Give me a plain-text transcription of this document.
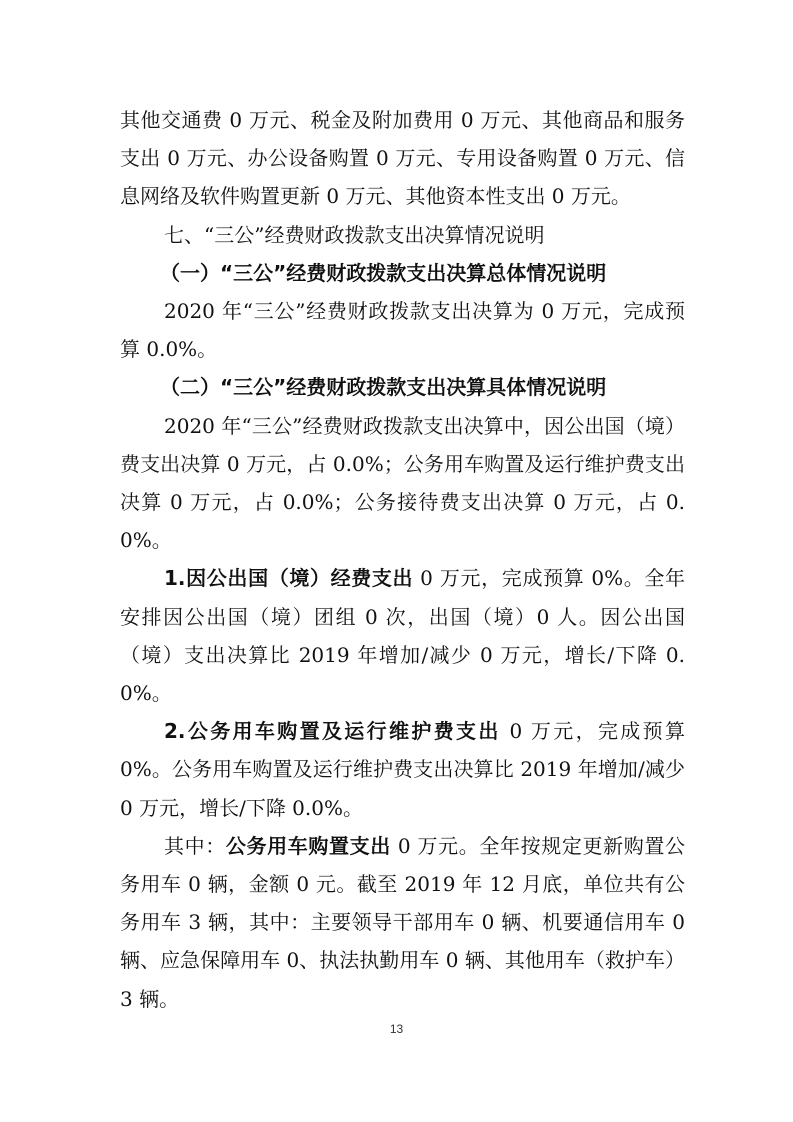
其他交通费 0 万元、税金及附加费用 0 万元、其他商品和服务支出 0 万元、办公设备购置 0 万元、专用设备购置 0 万元、信息网络及软件购置更新 0 万元、其他资本性支出 0 万元。

七、“三公”经费财政拨款支出决算情况说明

（一）“三公”经费财政拨款支出决算总体情况说明

2020 年“三公”经费财政拨款支出决算为 0 万元，完成预算 0.0%。

（二）“三公”经费财政拨款支出决算具体情况说明

2020 年“三公”经费财政拨款支出决算中，因公出国（境）费支出决算 0 万元，占 0.0%；公务用车购置及运行维护费支出决算 0 万元，占 0.0%；公务接待费支出决算 0 万元，占 0.0%。

1.因公出国（境）经费支出 0 万元，完成预算 0%。全年安排因公出国（境）团组 0 次，出国（境）0 人。因公出国（境）支出决算比 2019 年增加/减少 0 万元，增长/下降 0.0%。

2.公务用车购置及运行维护费支出 0 万元，完成预算 0%。公务用车购置及运行维护费支出决算比 2019 年增加/减少 0 万元，增长/下降 0.0%。

其中：公务用车购置支出 0 万元。全年按规定更新购置公务用车 0 辆，金额 0 元。截至 2019 年 12 月底，单位共有公务用车 3 辆，其中：主要领导干部用车 0 辆、机要通信用车 0 辆、应急保障用车 0、执法执勤用车 0 辆、其他用车（救护车）3 辆。

13
